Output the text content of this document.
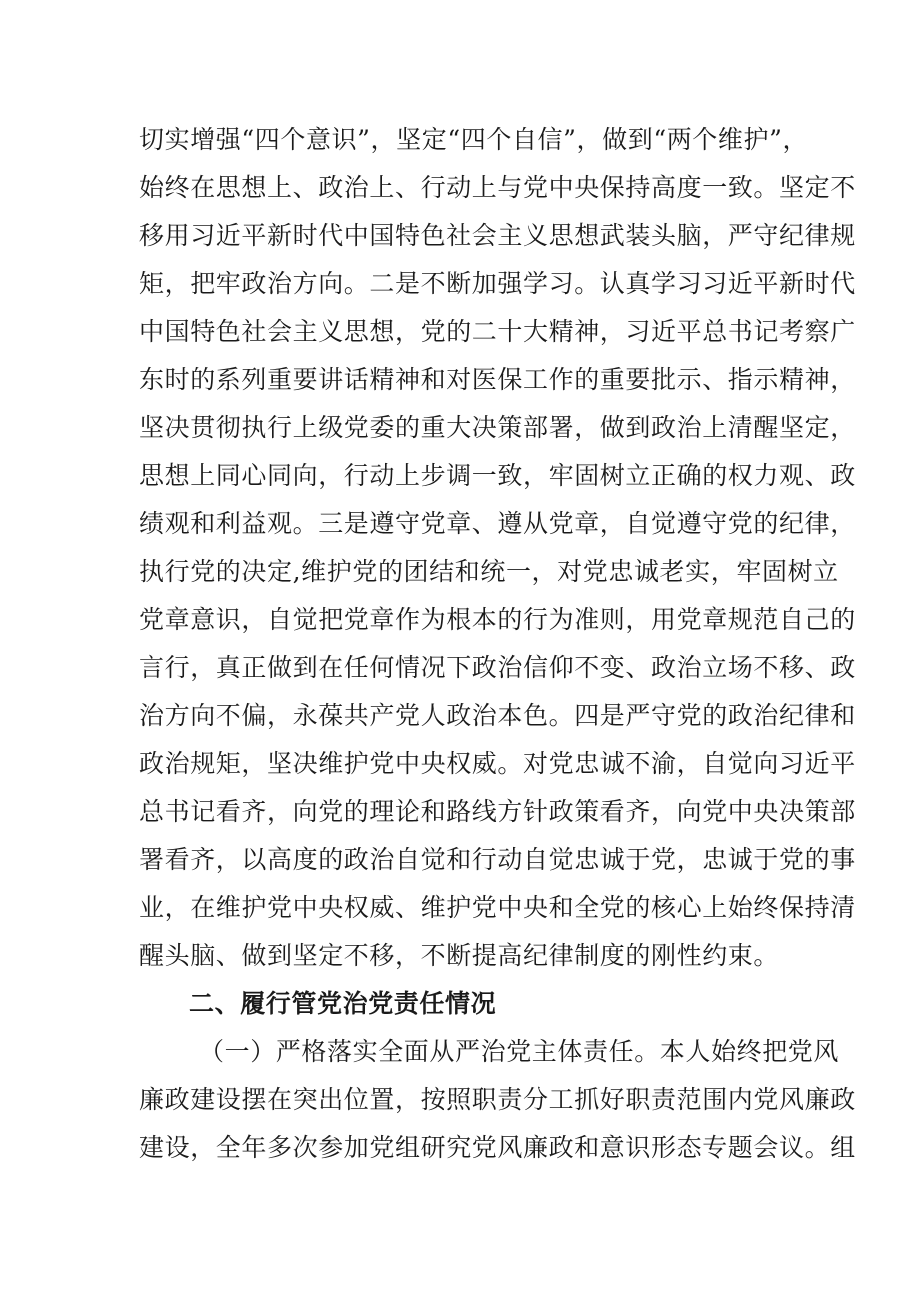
切实增强“四个意识”，坚定“四个自信”，做到“两个维护”，
始终在思想上、政治上、行动上与党中央保持高度一致。坚定不
移用习近平新时代中国特色社会主义思想武装头脑，严守纪律规
矩，把牢政治方向。二是不断加强学习。认真学习习近平新时代
中国特色社会主义思想，党的二十大精神，习近平总书记考察广
东时的系列重要讲话精神和对医保工作的重要批示、指示精神，
坚决贯彻执行上级党委的重大决策部署，做到政治上清醒坚定，
思想上同心同向，行动上步调一致，牢固树立正确的权力观、政
绩观和利益观。三是遵守党章、遵从党章，自觉遵守党的纪律，
执行党的决定,维护党的团结和统一，对党忠诚老实，牢固树立
党章意识，自觉把党章作为根本的行为准则，用党章规范自己的
言行，真正做到在任何情况下政治信仰不变、政治立场不移、政
治方向不偏，永葆共产党人政治本色。四是严守党的政治纪律和
政治规矩，坚决维护党中央权威。对党忠诚不渝，自觉向习近平
总书记看齐，向党的理论和路线方针政策看齐，向党中央决策部
署看齐，以高度的政治自觉和行动自觉忠诚于党，忠诚于党的事
业，在维护党中央权威、维护党中央和全党的核心上始终保持清
醒头脑、做到坚定不移，不断提高纪律制度的刚性约束。
二、履行管党治党责任情况
（一）严格落实全面从严治党主体责任。本人始终把党风
廉政建设摆在突出位置，按照职责分工抓好职责范围内党风廉政
建设，全年多次参加党组研究党风廉政和意识形态专题会议。组
